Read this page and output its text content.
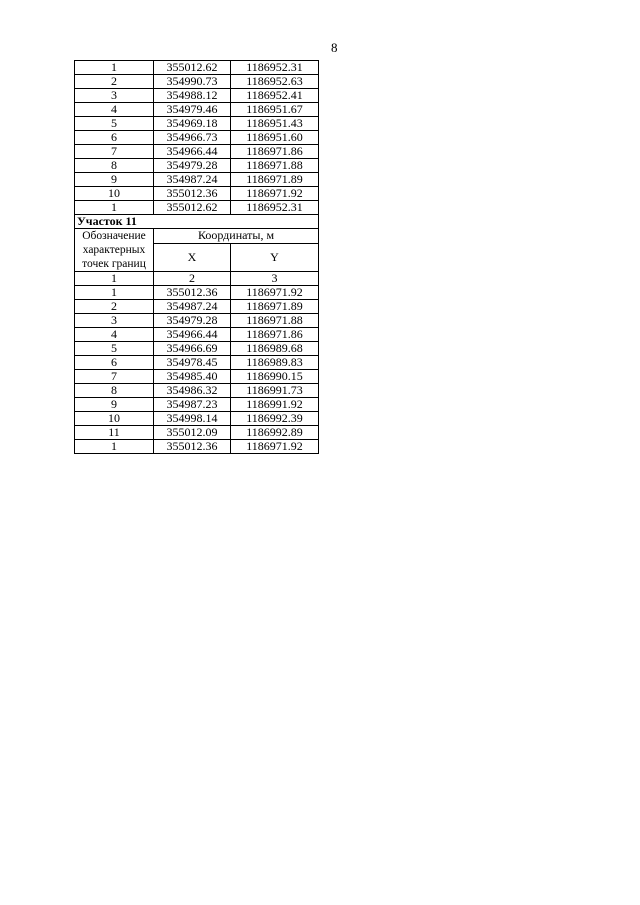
8
1	355012.62	1186952.31
2	354990.73	1186952.63
3	354988.12	1186952.41
4	354979.46	1186951.67
5	354969.18	1186951.43
6	354966.73	1186951.60
7	354966.44	1186971.86
8	354979.28	1186971.88
9	354987.24	1186971.89
10	355012.36	1186971.92
1	355012.62	1186952.31
Участок 11		
Обозначение характерных точек границ	Координаты, м	
	X	Y
1	2	3
1	355012.36	1186971.92
2	354987.24	1186971.89
3	354979.28	1186971.88
4	354966.44	1186971.86
5	354966.69	1186989.68
6	354978.45	1186989.83
7	354985.40	1186990.15
8	354986.32	1186991.73
9	354987.23	1186991.92
10	354998.14	1186992.39
11	355012.09	1186992.89
1	355012.36	1186971.92
